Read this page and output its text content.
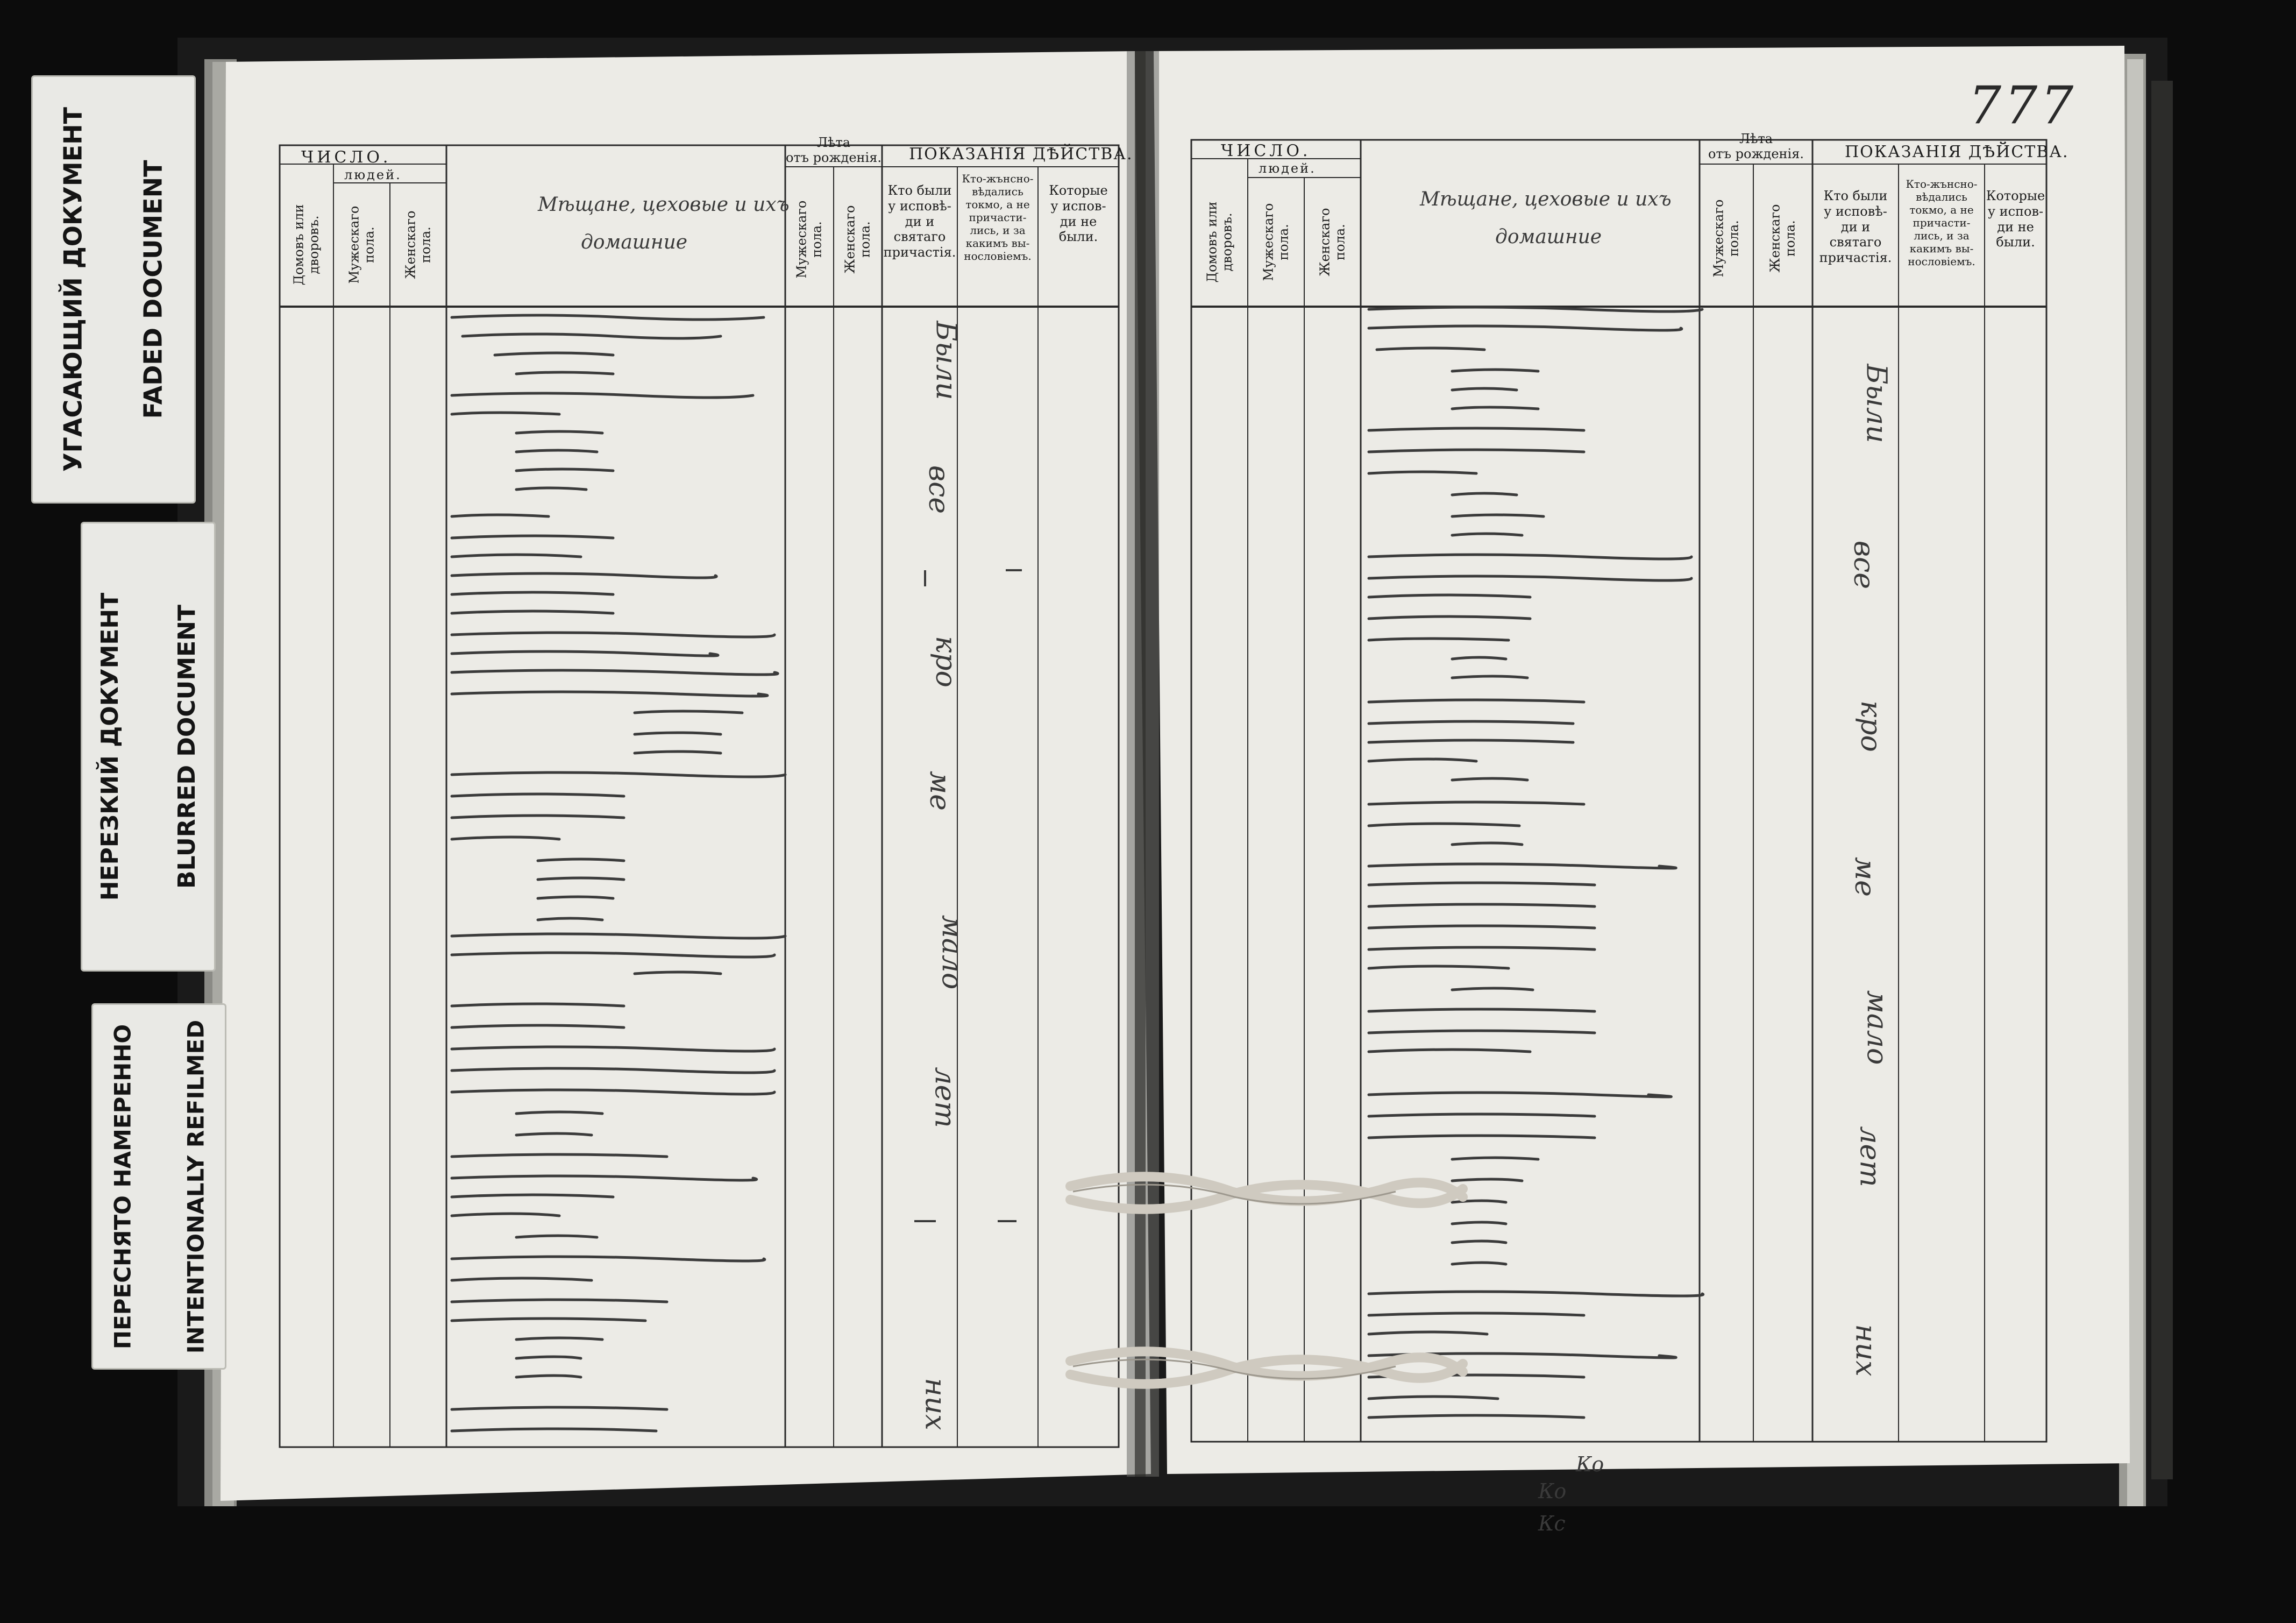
УГАСАЮЩИЙ ДОКУМЕНТ

FADED DOCUMENT

НЕРЕЗКИЙ ДОКУМЕНТ

BLURRED DOCUMENT

ПЕРЕСНЯТО НАМЕРЕННО

INTENTIONALLY REFILMED

777
ЧИСЛО.
людей.
Домовъ или дворовъ. Мужескаго пола. Женскаго пола.
Мѣщане, цеховые и ихъ
домашние
Лѣта
отъ рожденія.
Мужескаго пола. Женскаго пола.
ПОКАЗАНІЯ ДѢЙСТВА.
Кто были
у исповѣ-
ди и
святаго
причастія.
Кто-жънсно-
вѣдались
токмо, а не
причасти-
лись, и за
какимъ вы-
нословіемъ.
Которые
у испов-
ди не
были.
ЧИСЛО.
людей.
Домовъ или дворовъ. Мужескаго пола. Женскаго пола.
Мѣщане, цеховые и ихъ
домашние
Лѣта
отъ рожденія.
Мужескаго пола. Женскаго пола.
ПОКАЗАНІЯ ДѢЙСТВА.
Кто были
у исповѣ-
ди и
святаго
причастія.
Кто-жънсно-
вѣдались
токмо, а не
причасти-
лись, и за
какимъ вы-
нословіемъ.
Которые
у испов-
ди не
были.
Были
все
кро
ме
мало
лет
них
Были
все
кро
ме
мало
лет
них
Ко
Ко
Кс
